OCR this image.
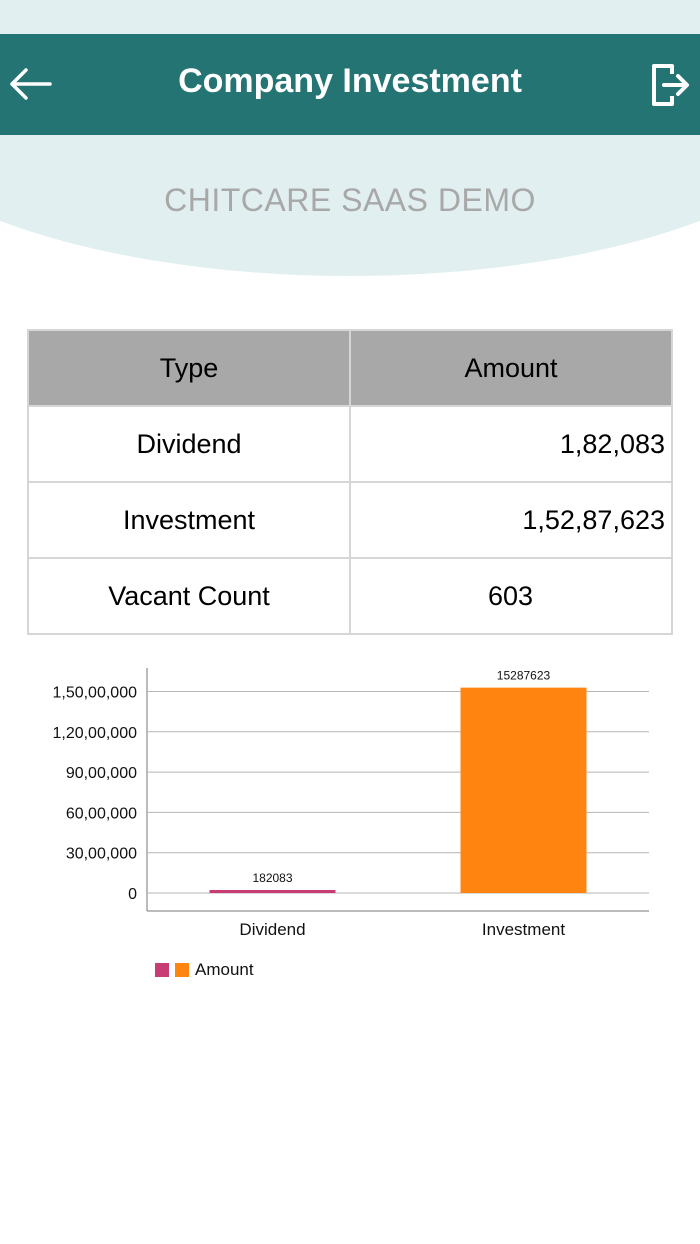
Company Investment
CHITCARE SAAS DEMO
Type	Amount
Dividend	1,82,083
Investment	1,52,87,623
Vacant Count	603
0
30,00,000
60,00,000
90,00,000
1,20,00,000
1,50,00,000
182083
Dividend
15287623
Investment
Amount
